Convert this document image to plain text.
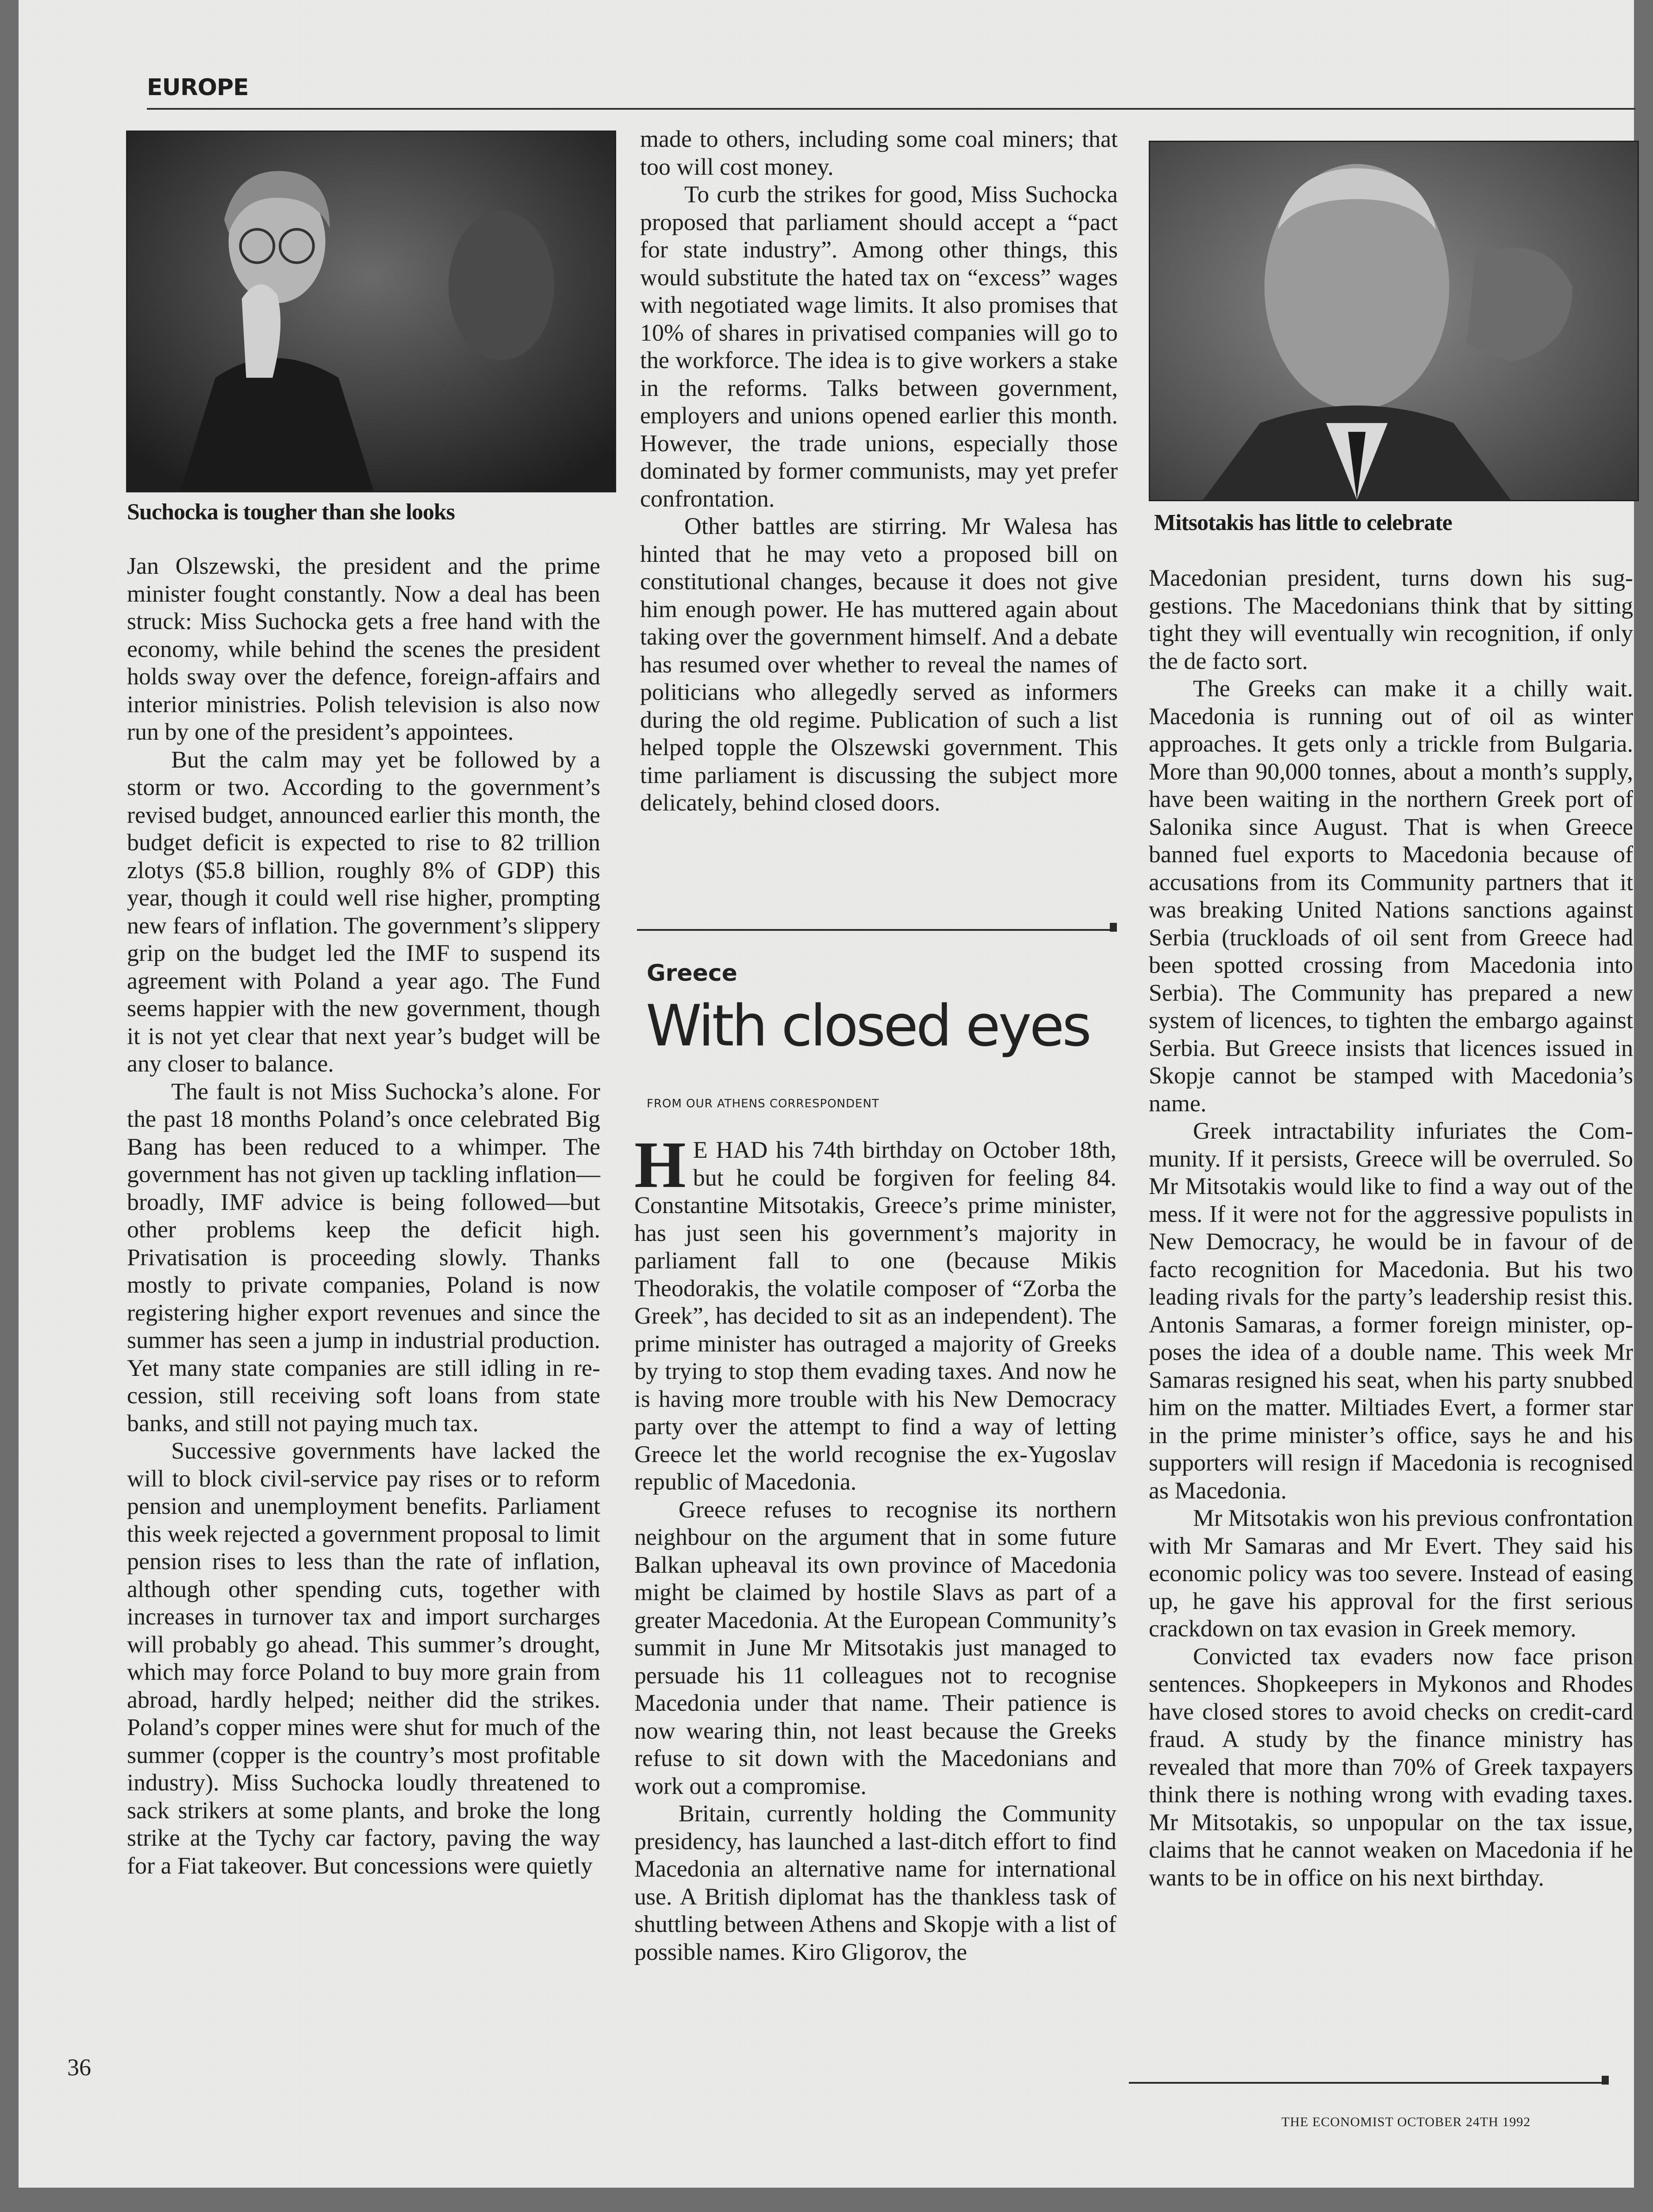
EUROPE
Suchocka is tougher than she looks	Mitsotakis has little to celebrate

Jan Olszewski, the president and the prime minister fought constantly. Now a deal has been struck: Miss Suchocka gets a free hand with the economy, while behind the scenes the president holds sway over the defence, foreign-affairs and interior ministries. Polish television is also now run by one of the president’s appointees.

But the calm may yet be followed by a storm or two. According to the government’s revised budget, announced earlier this month, the budget deficit is expected to rise to 82 trillion zlotys ($5.8 billion, roughly 8% of GDP) this year, though it could well rise higher, prompting new fears of inflation. The government’s slippery grip on the budget led the IMF to suspend its agreement with Poland a year ago. The Fund seems happier with the new government, though it is not yet clear that next year’s budget will be any closer to balance.

The fault is not Miss Suchocka’s alone. For the past 18 months Poland’s once celebrated Big Bang has been reduced to a whimper. The government has not given up tackling inflation—broadly, IMF advice is being followed—but other problems keep the deficit high. Privatisation is proceeding slowly. Thanks mostly to private companies, Poland is now registering higher export revenues and since the summer has seen a jump in industrial production. Yet many state companies are still idling in recession, still receiving soft loans from state banks, and still not paying much tax.

Successive governments have lacked the will to block civil-service pay rises or to reform pension and unemployment benefits. Parliament this week rejected a government proposal to limit pension rises to less than the rate of inflation, although other spending cuts, together with increases in turnover tax and import surcharges will probably go ahead. This summer’s drought, which may force Poland to buy more grain from abroad, hardly helped; neither did the strikes. Poland’s copper mines were shut for much of the summer (copper is the country’s most profitable industry). Miss Suchocka loudly threatened to sack strikers at some plants, and broke the long strike at the Tychy car factory, paving the way for a Fiat takeover. But concessions were quietly

made to others, including some coal miners; that too will cost money.

To curb the strikes for good, Miss Suchocka proposed that parliament should accept a “pact for state industry”. Among other things, this would substitute the hated tax on “excess” wages with negotiated wage limits. It also promises that 10% of shares in privatised companies will go to the workforce. The idea is to give workers a stake in the reforms. Talks between government, employers and unions opened earlier this month. However, the trade unions, especially those dominated by former communists, may yet prefer confrontation.

Other battles are stirring. Mr Walesa has hinted that he may veto a proposed bill on constitutional changes, because it does not give him enough power. He has muttered again about taking over the government himself. And a debate has resumed over whether to reveal the names of politicians who allegedly served as informers during the old regime. Publication of such a list helped topple the Olszewski government. This time parliament is discussing the subject more delicately, behind closed doors.

Greece
With closed eyes
FROM OUR ATHENS CORRESPONDENT

H E HAD his 74th birthday on October 18th, but he could be forgiven for feeling 84. Constantine Mitsotakis, Greece’s prime minister, has just seen his government’s majority in parliament fall to one (because Mikis Theodorakis, the volatile composer of “Zorba the Greek”, has decided to sit as an independent). The prime minister has outraged a majority of Greeks by trying to stop them evading taxes. And now he is having more trouble with his New Democracy party over the attempt to find a way of letting Greece let the world recognise the ex-Yugoslav republic of Macedonia.

Greece refuses to recognise its northern neighbour on the argument that in some future Balkan upheaval its own province of Macedonia might be claimed by hostile Slavs as part of a greater Macedonia. At the European Community’s summit in June Mr Mitsotakis just managed to persuade his 11 colleagues not to recognise Macedonia under that name. Their patience is now wearing thin, not least because the Greeks refuse to sit down with the Macedonians and work out a compromise.

Britain, currently holding the Community presidency, has launched a last-ditch effort to find Macedonia an alternative name for international use. A British diplomat has the thankless task of shuttling between Athens and Skopje with a list of possible names. Kiro Gligorov, the

Macedonian president, turns down his suggestions. The Macedonians think that by sitting tight they will eventually win recognition, if only the de facto sort.

The Greeks can make it a chilly wait. Macedonia is running out of oil as winter approaches. It gets only a trickle from Bulgaria. More than 90,000 tonnes, about a month’s supply, have been waiting in the northern Greek port of Salonika since August. That is when Greece banned fuel exports to Macedonia because of accusations from its Community partners that it was breaking United Nations sanctions against Serbia (truckloads of oil sent from Greece had been spotted crossing from Macedonia into Serbia). The Community has prepared a new system of licences, to tighten the embargo against Serbia. But Greece insists that licences issued in Skopje cannot be stamped with Macedonia’s name.

Greek intractability infuriates the Community. If it persists, Greece will be overruled. So Mr Mitsotakis would like to find a way out of the mess. If it were not for the aggressive populists in New Democracy, he would be in favour of de facto recognition for Macedonia. But his two leading rivals for the party’s leadership resist this. Antonis Samaras, a former foreign minister, opposes the idea of a double name. This week Mr Samaras resigned his seat, when his party snubbed him on the matter. Miltiades Evert, a former star in the prime minister’s office, says he and his supporters will resign if Macedonia is recognised as Macedonia.

Mr Mitsotakis won his previous confrontation with Mr Samaras and Mr Evert. They said his economic policy was too severe. Instead of easing up, he gave his approval for the first serious crackdown on tax evasion in Greek memory.

Convicted tax evaders now face prison sentences. Shopkeepers in Mykonos and Rhodes have closed stores to avoid checks on credit-card fraud. A study by the finance ministry has revealed that more than 70% of Greek taxpayers think there is nothing wrong with evading taxes. Mr Mitsotakis, so unpopular on the tax issue, claims that he cannot weaken on Macedonia if he wants to be in office on his next birthday.

36
THE ECONOMIST OCTOBER 24TH 1992
